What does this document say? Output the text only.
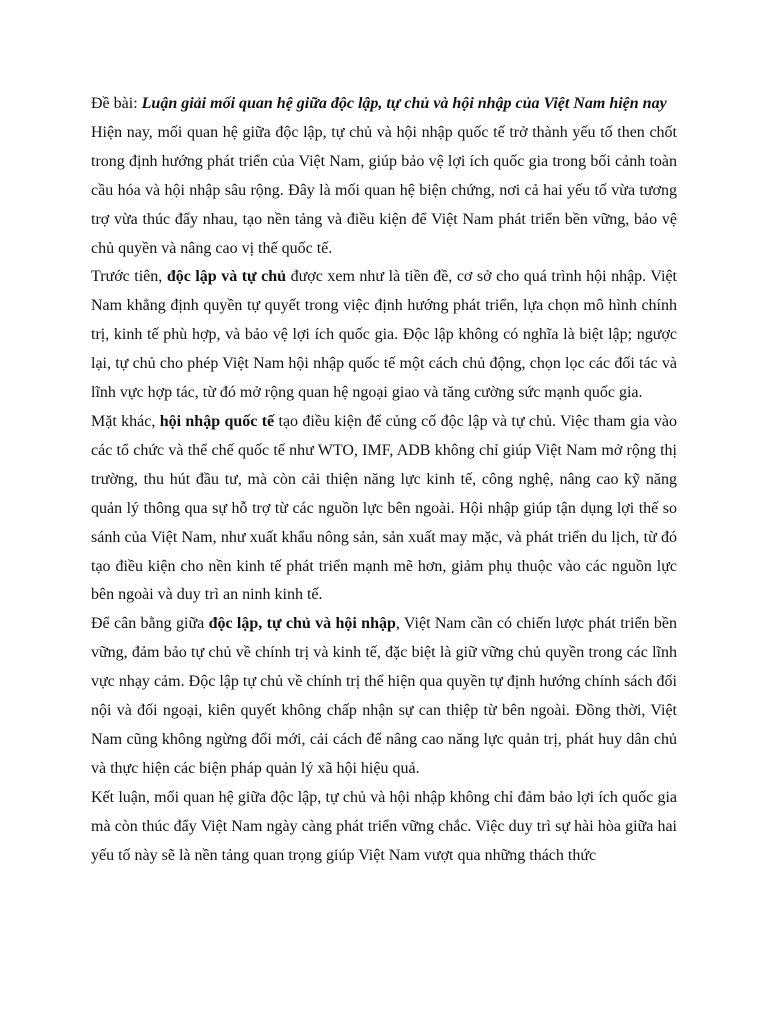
Đề bài: Luận giải mối quan hệ giữa độc lập, tự chủ và hội nhập của Việt Nam hiện nay

Hiện nay, mối quan hệ giữa độc lập, tự chủ và hội nhập quốc tế trở thành yếu tố then chốt trong định hướng phát triển của Việt Nam, giúp bảo vệ lợi ích quốc gia trong bối cảnh toàn cầu hóa và hội nhập sâu rộng. Đây là mối quan hệ biện chứng, nơi cả hai yếu tố vừa tương trợ vừa thúc đẩy nhau, tạo nền tảng và điều kiện để Việt Nam phát triển bền vững, bảo vệ chủ quyền và nâng cao vị thế quốc tế.

Trước tiên, độc lập và tự chủ được xem như là tiền đề, cơ sở cho quá trình hội nhập. Việt Nam khẳng định quyền tự quyết trong việc định hướng phát triển, lựa chọn mô hình chính trị, kinh tế phù hợp, và bảo vệ lợi ích quốc gia. Độc lập không có nghĩa là biệt lập; ngược lại, tự chủ cho phép Việt Nam hội nhập quốc tế một cách chủ động, chọn lọc các đối tác và lĩnh vực hợp tác, từ đó mở rộng quan hệ ngoại giao và tăng cường sức mạnh quốc gia.

Mặt khác, hội nhập quốc tế tạo điều kiện để củng cố độc lập và tự chủ. Việc tham gia vào các tổ chức và thể chế quốc tế như WTO, IMF, ADB không chỉ giúp Việt Nam mở rộng thị trường, thu hút đầu tư, mà còn cải thiện năng lực kinh tế, công nghệ, nâng cao kỹ năng quản lý thông qua sự hỗ trợ từ các nguồn lực bên ngoài. Hội nhập giúp tận dụng lợi thế so sánh của Việt Nam, như xuất khẩu nông sản, sản xuất may mặc, và phát triển du lịch, từ đó tạo điều kiện cho nền kinh tế phát triển mạnh mẽ hơn, giảm phụ thuộc vào các nguồn lực bên ngoài và duy trì an ninh kinh tế.

Để cân bằng giữa độc lập, tự chủ và hội nhập, Việt Nam cần có chiến lược phát triển bền vững, đảm bảo tự chủ về chính trị và kinh tế, đặc biệt là giữ vững chủ quyền trong các lĩnh vực nhạy cảm. Độc lập tự chủ về chính trị thể hiện qua quyền tự định hướng chính sách đối nội và đối ngoại, kiên quyết không chấp nhận sự can thiệp từ bên ngoài. Đồng thời, Việt Nam cũng không ngừng đổi mới, cải cách để nâng cao năng lực quản trị, phát huy dân chủ và thực hiện các biện pháp quản lý xã hội hiệu quả.

Kết luận, mối quan hệ giữa độc lập, tự chủ và hội nhập không chỉ đảm bảo lợi ích quốc gia mà còn thúc đẩy Việt Nam ngày càng phát triển vững chắc. Việc duy trì sự hài hòa giữa hai yếu tố này sẽ là nền tảng quan trọng giúp Việt Nam vượt qua những thách thức
